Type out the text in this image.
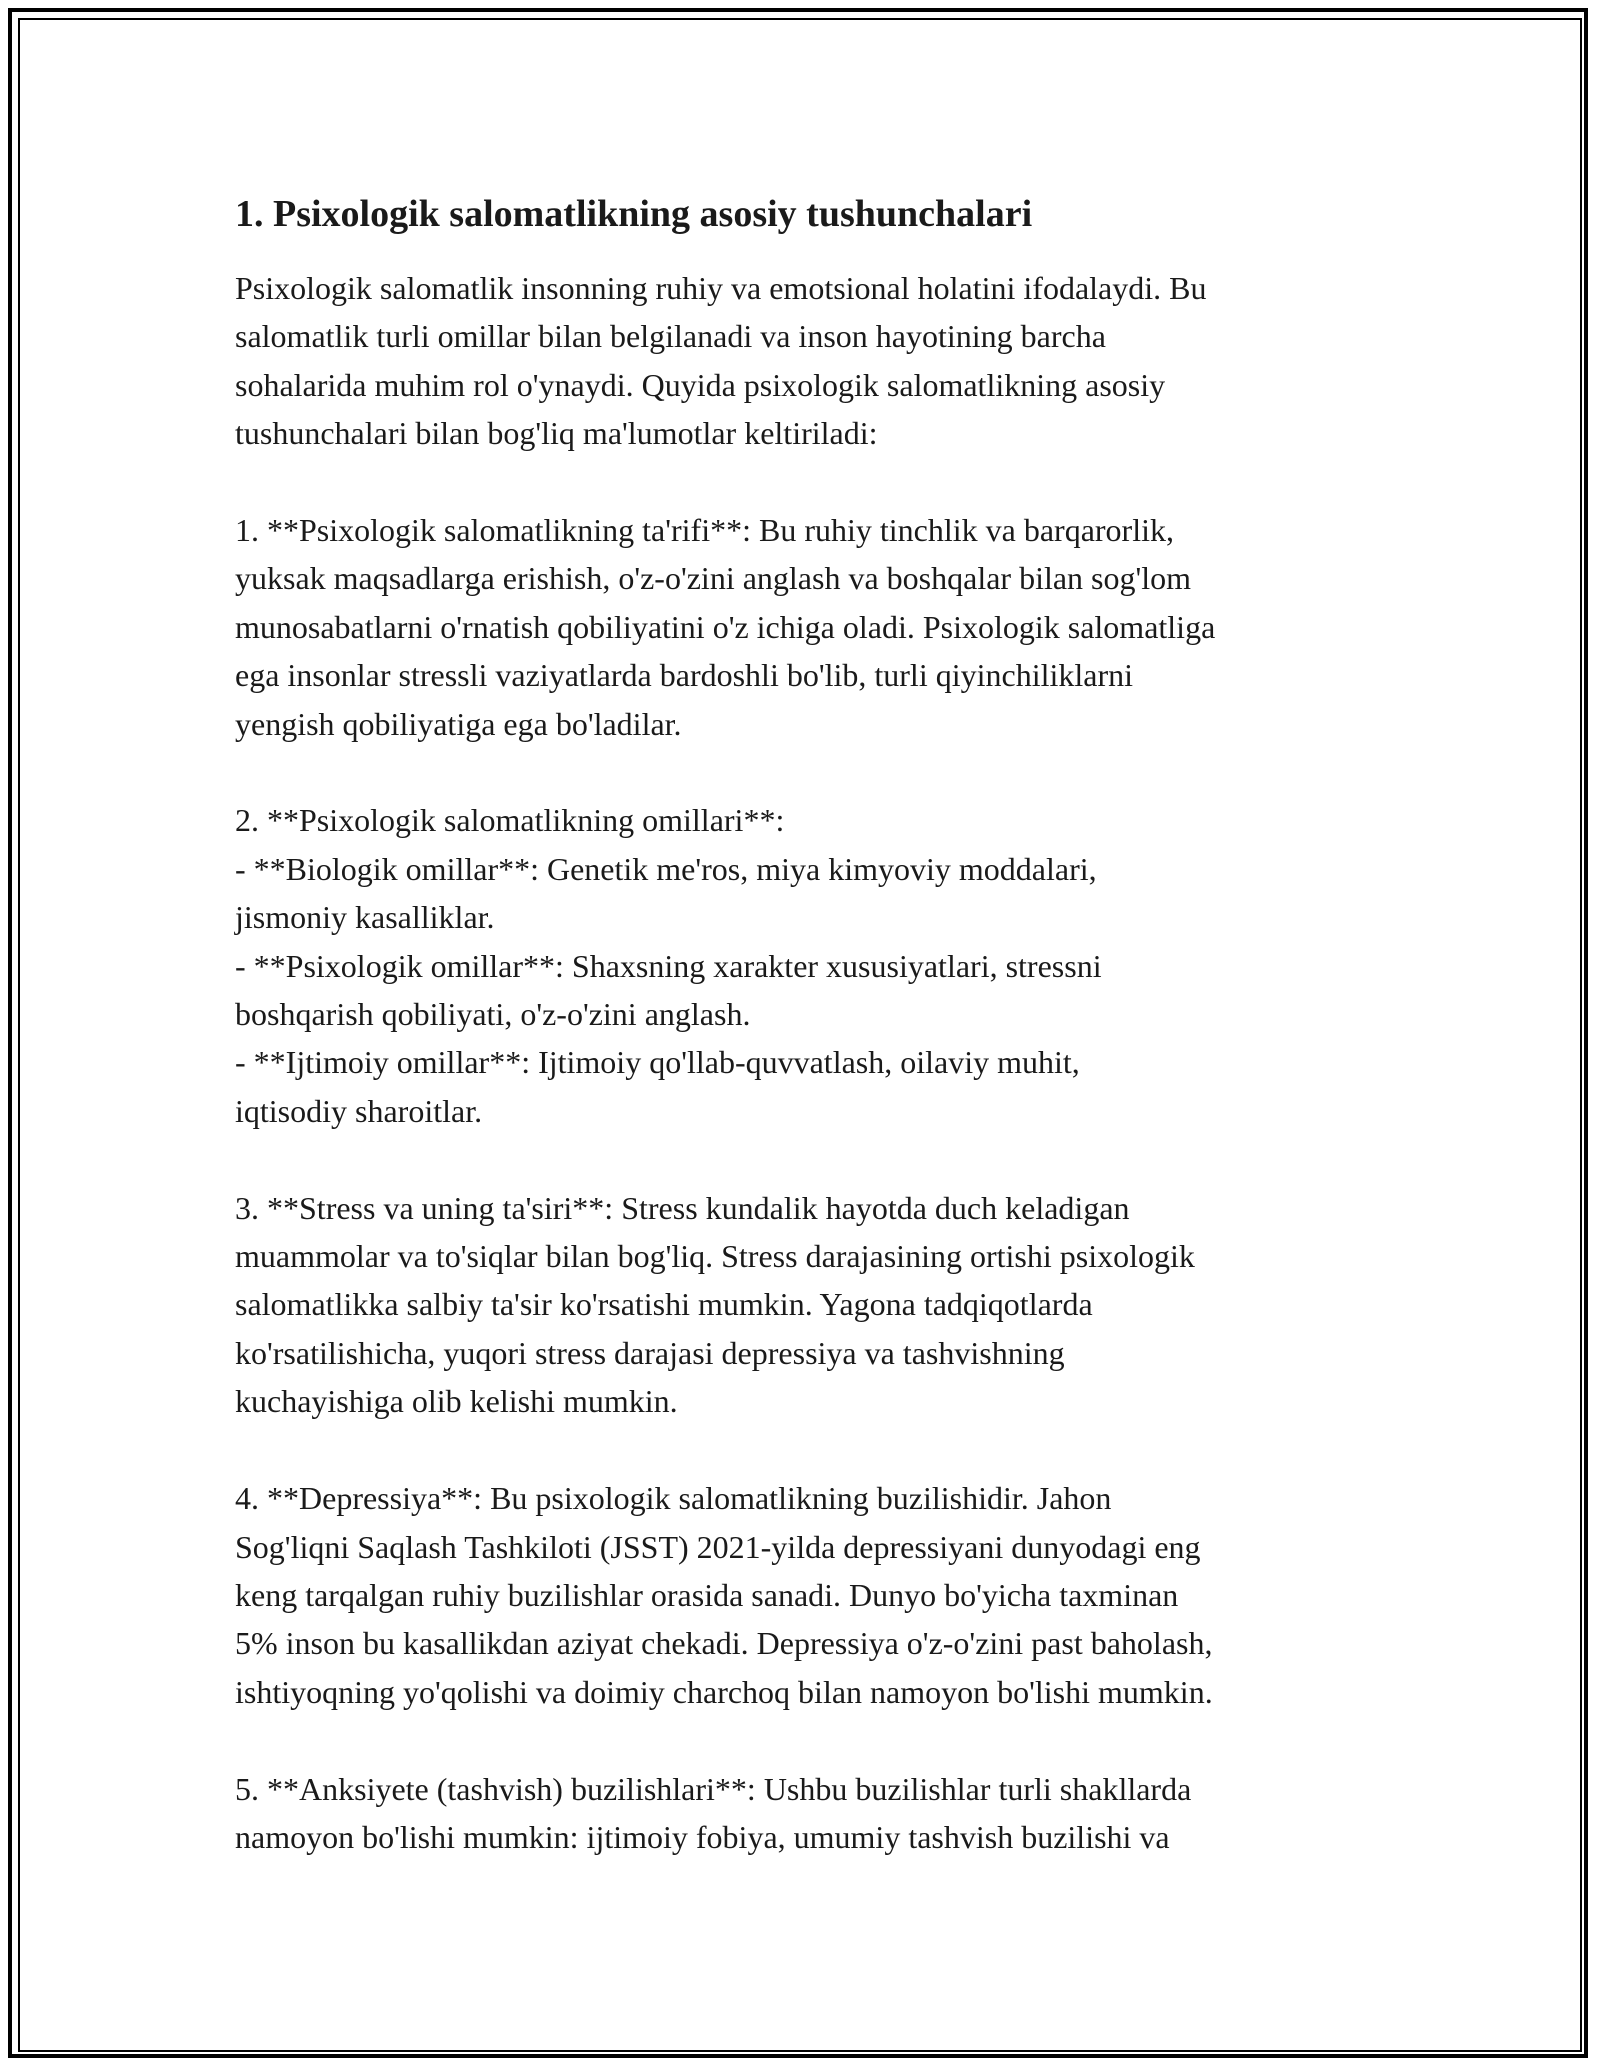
1. Psixologik salomatlikning asosiy tushunchalari

Psixologik salomatlik insonning ruhiy va emotsional holatini ifodalaydi. Bu
salomatlik turli omillar bilan belgilanadi va inson hayotining barcha
sohalarida muhim rol o'ynaydi. Quyida psixologik salomatlikning asosiy
tushunchalari bilan bog'liq ma'lumotlar keltiriladi:

1. **Psixologik salomatlikning ta'rifi**: Bu ruhiy tinchlik va barqarorlik,
yuksak maqsadlarga erishish, o'z-o'zini anglash va boshqalar bilan sog'lom
munosabatlarni o'rnatish qobiliyatini o'z ichiga oladi. Psixologik salomatliga
ega insonlar stressli vaziyatlarda bardoshli bo'lib, turli qiyinchiliklarni
yengish qobiliyatiga ega bo'ladilar.

2. **Psixologik salomatlikning omillari**:

- **Biologik omillar**: Genetik me'ros, miya kimyoviy moddalari,
jismoniy kasalliklar.

- **Psixologik omillar**: Shaxsning xarakter xususiyatlari, stressni
boshqarish qobiliyati, o'z-o'zini anglash.

- **Ijtimoiy omillar**: Ijtimoiy qo'llab-quvvatlash, oilaviy muhit,
iqtisodiy sharoitlar.

3. **Stress va uning ta'siri**: Stress kundalik hayotda duch keladigan
muammolar va to'siqlar bilan bog'liq. Stress darajasining ortishi psixologik
salomatlikka salbiy ta'sir ko'rsatishi mumkin. Yagona tadqiqotlarda
ko'rsatilishicha, yuqori stress darajasi depressiya va tashvishning
kuchayishiga olib kelishi mumkin.

4. **Depressiya**: Bu psixologik salomatlikning buzilishidir. Jahon
Sog'liqni Saqlash Tashkiloti (JSST) 2021-yilda depressiyani dunyodagi eng
keng tarqalgan ruhiy buzilishlar orasida sanadi. Dunyo bo'yicha taxminan
5% inson bu kasallikdan aziyat chekadi. Depressiya o'z-o'zini past baholash,
ishtiyoqning yo'qolishi va doimiy charchoq bilan namoyon bo'lishi mumkin.

5. **Anksiyete (tashvish) buzilishlari**: Ushbu buzilishlar turli shakllarda
namoyon bo'lishi mumkin: ijtimoiy fobiya, umumiy tashvish buzilishi va
